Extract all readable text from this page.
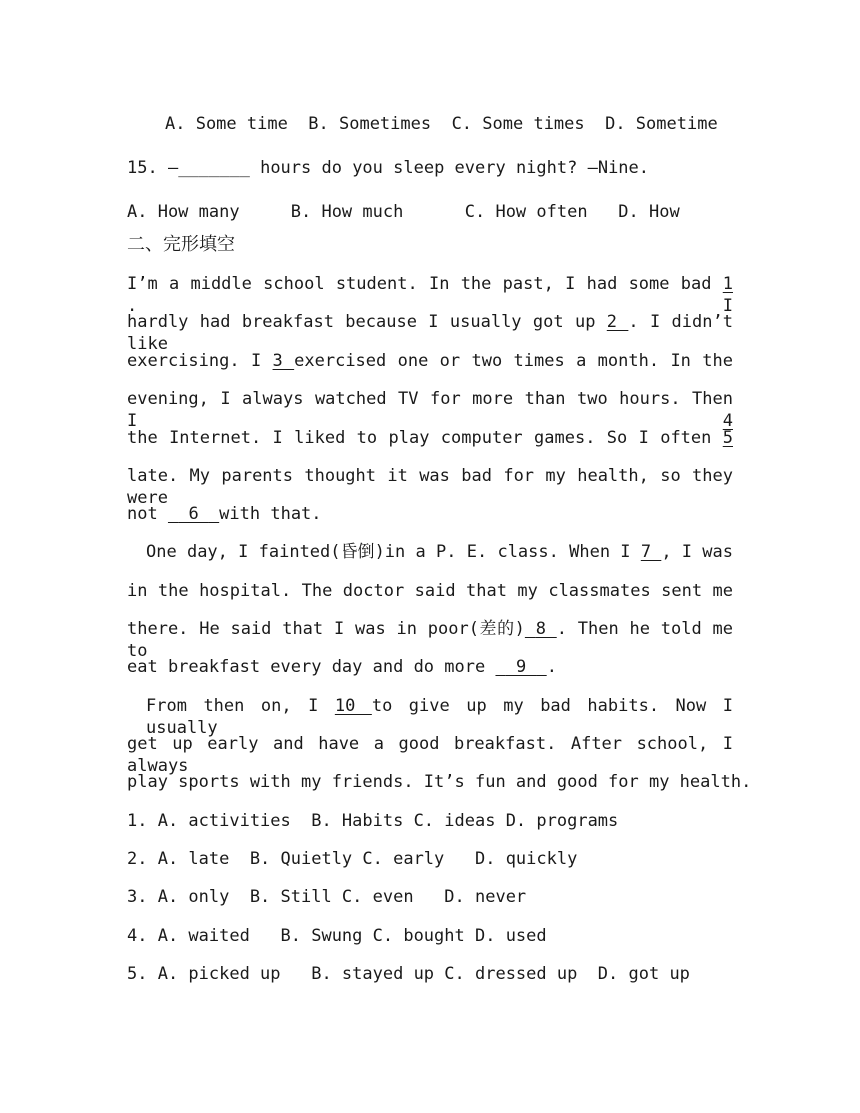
A. Some time  B. Sometimes  C. Some times  D. Sometime
15. —_______ hours do you sleep every night? —Nine.
A. How many     B. How much      C. How often   D. How
二、完形填空
I’m a middle school student. In the past, I had some bad 1 . I
hardly had breakfast because I usually got up 2 . I didn’t like
exercising. I 3 exercised one or two times a month. In the
evening, I always watched TV for more than two hours. Then I 4
the Internet. I liked to play computer games. So I often 5
late. My parents thought it was bad for my health, so they were
not   6  with that.
One day, I fainted(昏倒)in a P. E. class. When I 7 , I was
in the hospital. The doctor said that my classmates sent me
there. He said that I was in poor(差的) 8 . Then he told me to
eat breakfast every day and do more   9  .
From then on, I 10 to give up my bad habits. Now I usually
get up early and have a good breakfast. After school, I always
play sports with my friends. It’s fun and good for my health.
1. A. activities  B. Habits C. ideas D. programs
2. A. late  B. Quietly C. early   D. quickly
3. A. only  B. Still C. even   D. never
4. A. waited   B. Swung C. bought D. used
5. A. picked up   B. stayed up C. dressed up  D. got up
